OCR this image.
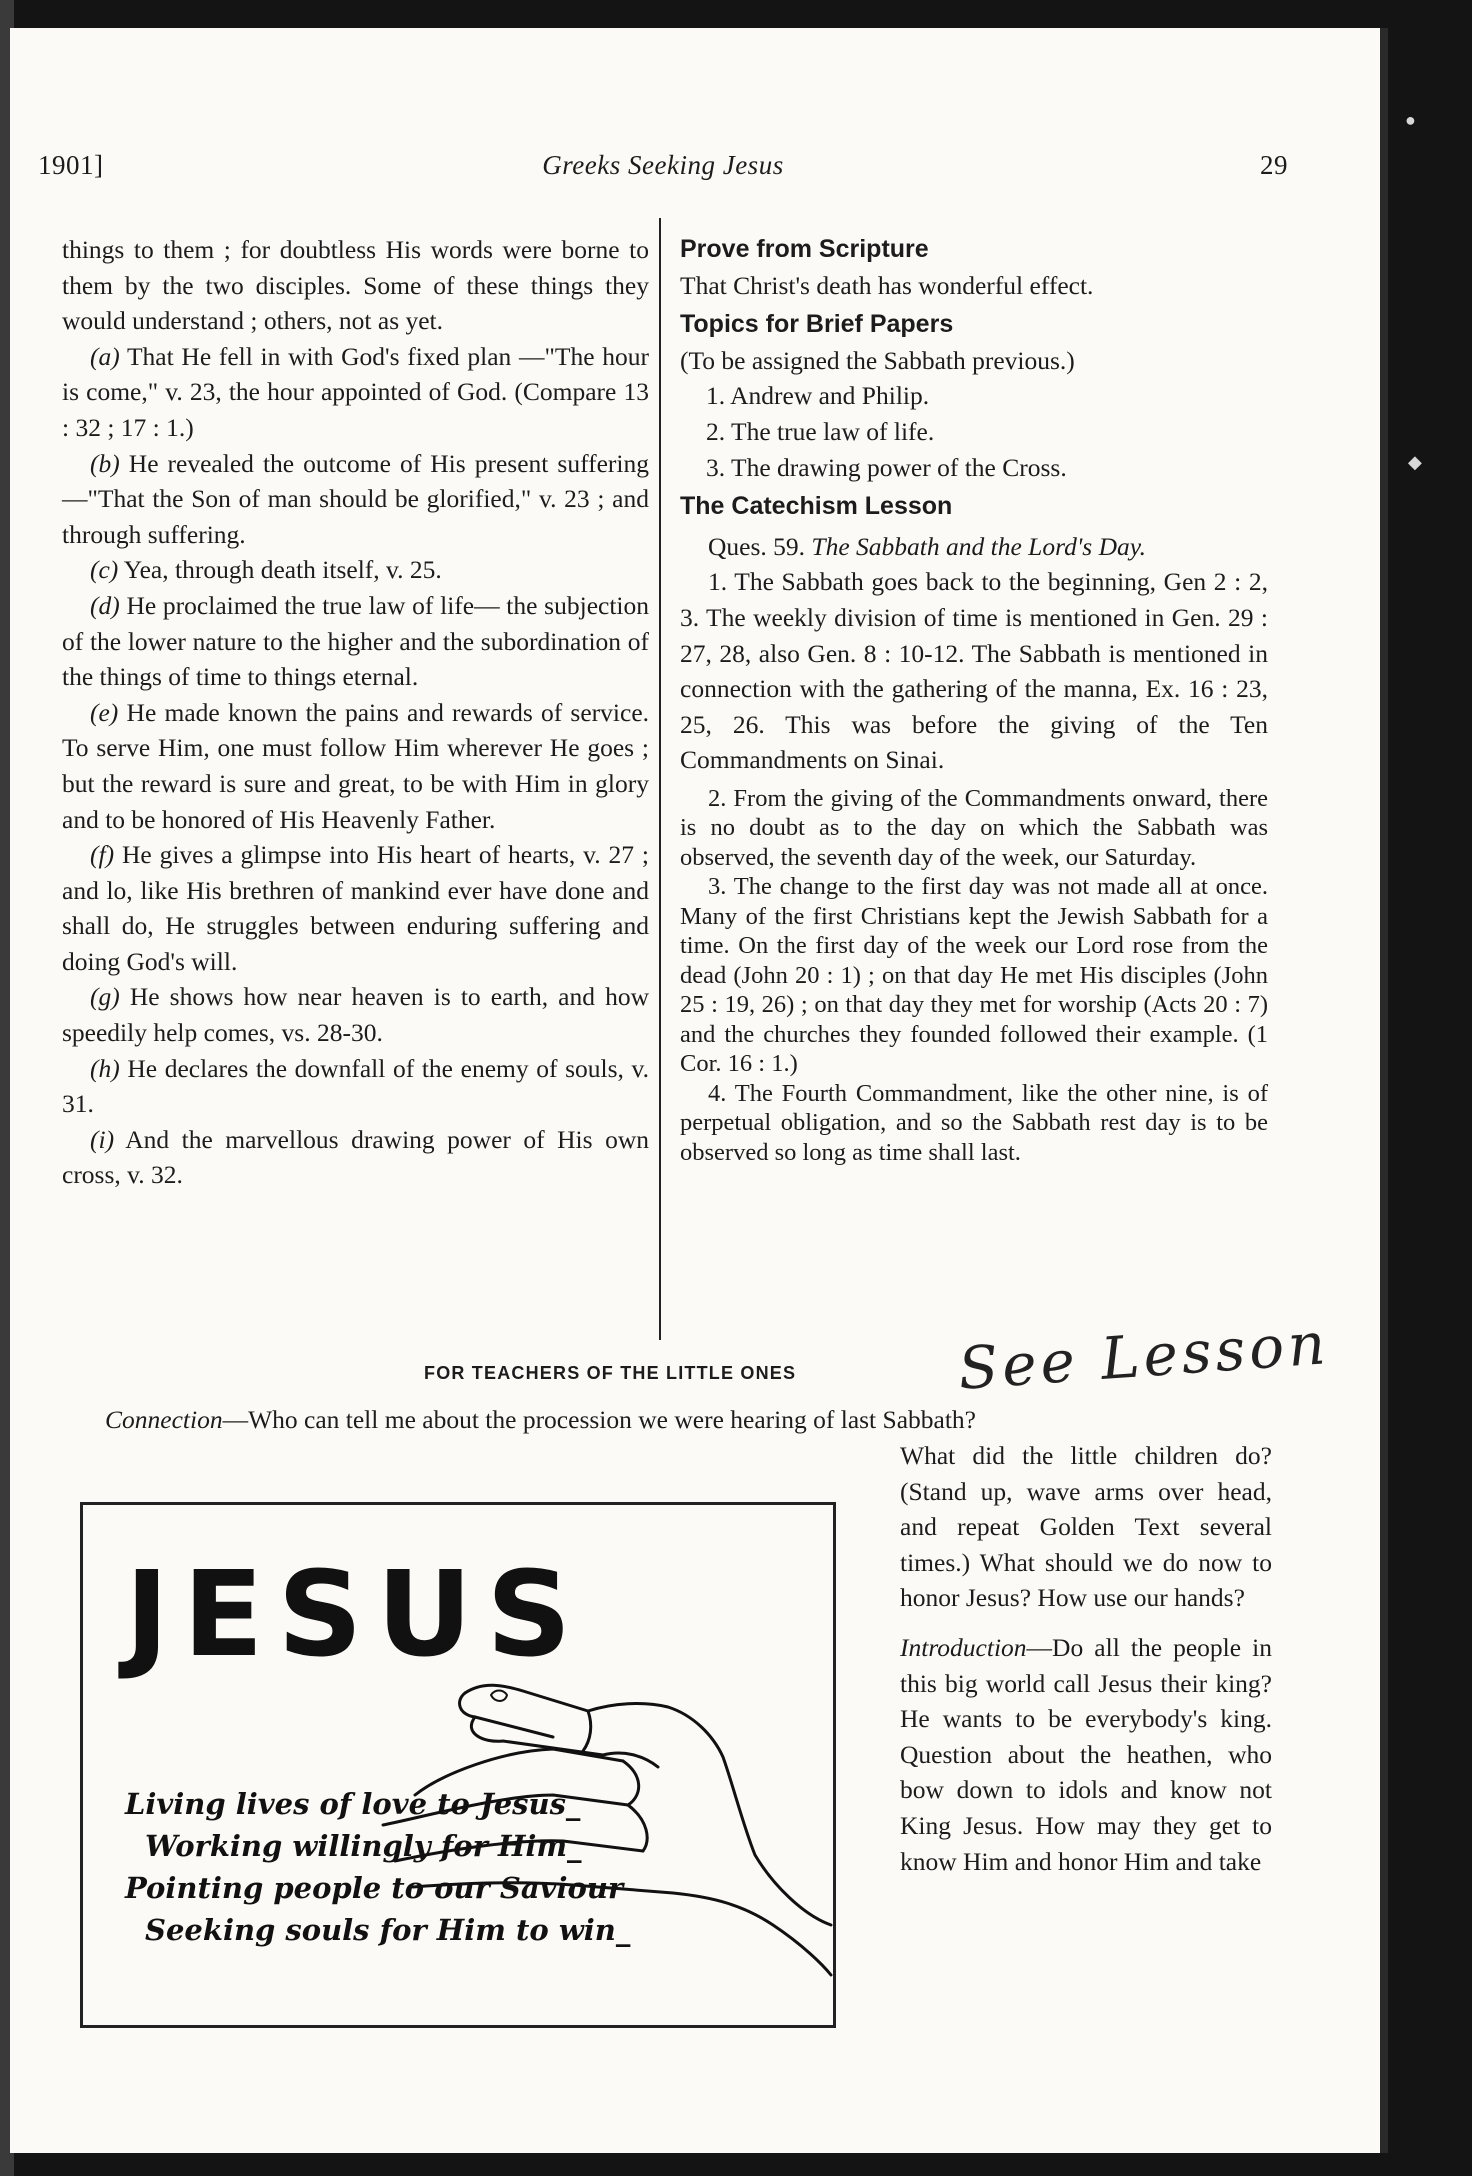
●
◆
1901]	Greeks Seeking Jesus	29

things to them ; for doubtless His words were borne to them by the two disciples. Some of these things they would understand ; others, not as yet.

(a) That He fell in with God's fixed plan —"The hour is come," v. 23, the hour appointed of God. (Compare 13 : 32 ; 17 : 1.)

(b) He revealed the outcome of His present suffering—"That the Son of man should be glorified," v. 23 ; and through suffering.

(c) Yea, through death itself, v. 25.

(d) He proclaimed the true law of life— the subjection of the lower nature to the higher and the subordination of the things of time to things eternal.

(e) He made known the pains and rewards of service. To serve Him, one must follow Him wherever He goes ; but the reward is sure and great, to be with Him in glory and to be honored of His Heavenly Father.

(f) He gives a glimpse into His heart of hearts, v. 27 ; and lo, like His brethren of mankind ever have done and shall do, He struggles between enduring suffering and doing God's will.

(g) He shows how near heaven is to earth, and how speedily help comes, vs. 28-30.

(h) He declares the downfall of the enemy of souls, v. 31.

(i) And the marvellous drawing power of His own cross, v. 32.

Prove from Scripture

That Christ's death has wonderful effect.

Topics for Brief Papers

(To be assigned the Sabbath previous.)

1. Andrew and Philip.

2. The true law of life.

3. The drawing power of the Cross.

The Catechism Lesson

Ques. 59. The Sabbath and the Lord's Day.

1. The Sabbath goes back to the beginning, Gen 2 : 2, 3. The weekly division of time is mentioned in Gen. 29 : 27, 28, also Gen. 8 : 10-12. The Sabbath is mentioned in connection with the gathering of the manna, Ex. 16 : 23, 25, 26. This was before the giving of the Ten Commandments on Sinai.

2. From the giving of the Commandments onward, there is no doubt as to the day on which the Sabbath was observed, the seventh day of the week, our Saturday.

3. The change to the first day was not made all at once. Many of the first Christians kept the Jewish Sabbath for a time. On the first day of the week our Lord rose from the dead (John 20 : 1) ; on that day He met His disciples (John 25 : 19, 26) ; on that day they met for worship (Acts 20 : 7) and the churches they founded followed their example. (1 Cor. 16 : 1.)

4. The Fourth Commandment, like the other nine, is of perpetual obligation, and so the Sabbath rest day is to be observed so long as time shall last.

See Lesson
FOR TEACHERS OF THE LITTLE ONES
Connection—Who can tell me about the procession we were hearing of last Sabbath?

What did the little children do? (Stand up, wave arms over head, and repeat Golden Text several times.) What should we do now to honor Jesus? How use our hands?

Introduction—Do all the people in this big world call Jesus their king? He wants to be everybody's king. Question about the heathen, who bow down to idols and know not King Jesus. How may they get to know Him and honor Him and take

JESUS
Living lives of love to Jesus_
Working willingly for Him_
Pointing people to our Saviour
Seeking souls for Him to win_
